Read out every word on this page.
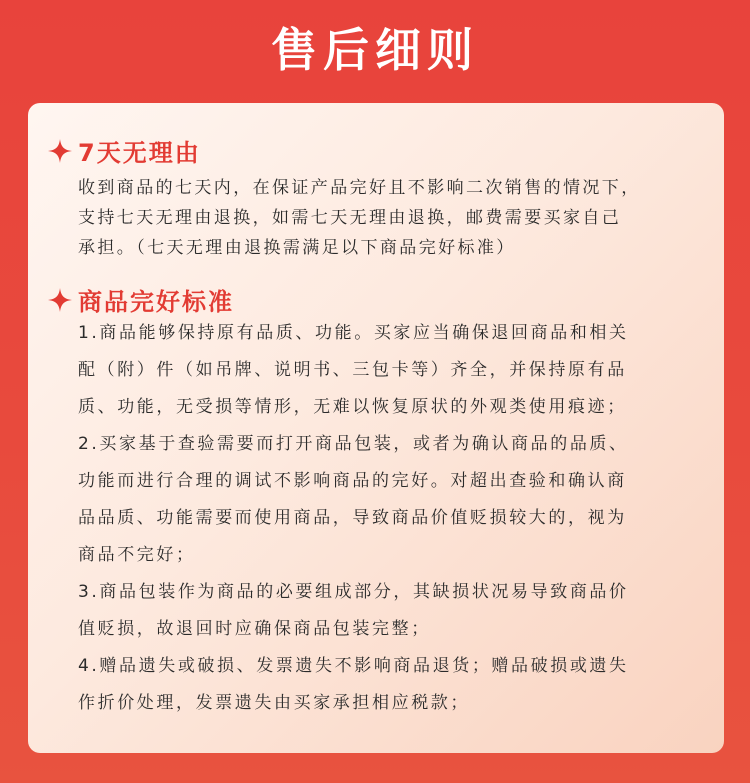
售后细则
7天无理由
收到商品的七天内，在保证产品完好且不影响二次销售的情况下，
支持七天无理由退换，如需七天无理由退换，邮费需要买家自己
承担。（七天无理由退换需满足以下商品完好标准）
商品完好标准
1.商品能够保持原有品质、功能。买家应当确保退回商品和相关
配（附）件（如吊牌、说明书、三包卡等）齐全，并保持原有品
质、功能，无受损等情形，无难以恢复原状的外观类使用痕迹；
2.买家基于查验需要而打开商品包装，或者为确认商品的品质、
功能而进行合理的调试不影响商品的完好。对超出查验和确认商
品品质、功能需要而使用商品，导致商品价值贬损较大的，视为
商品不完好；
3.商品包装作为商品的必要组成部分，其缺损状况易导致商品价
值贬损，故退回时应确保商品包装完整；
4.赠品遗失或破损、发票遗失不影响商品退货；赠品破损或遗失
作折价处理，发票遗失由买家承担相应税款；
